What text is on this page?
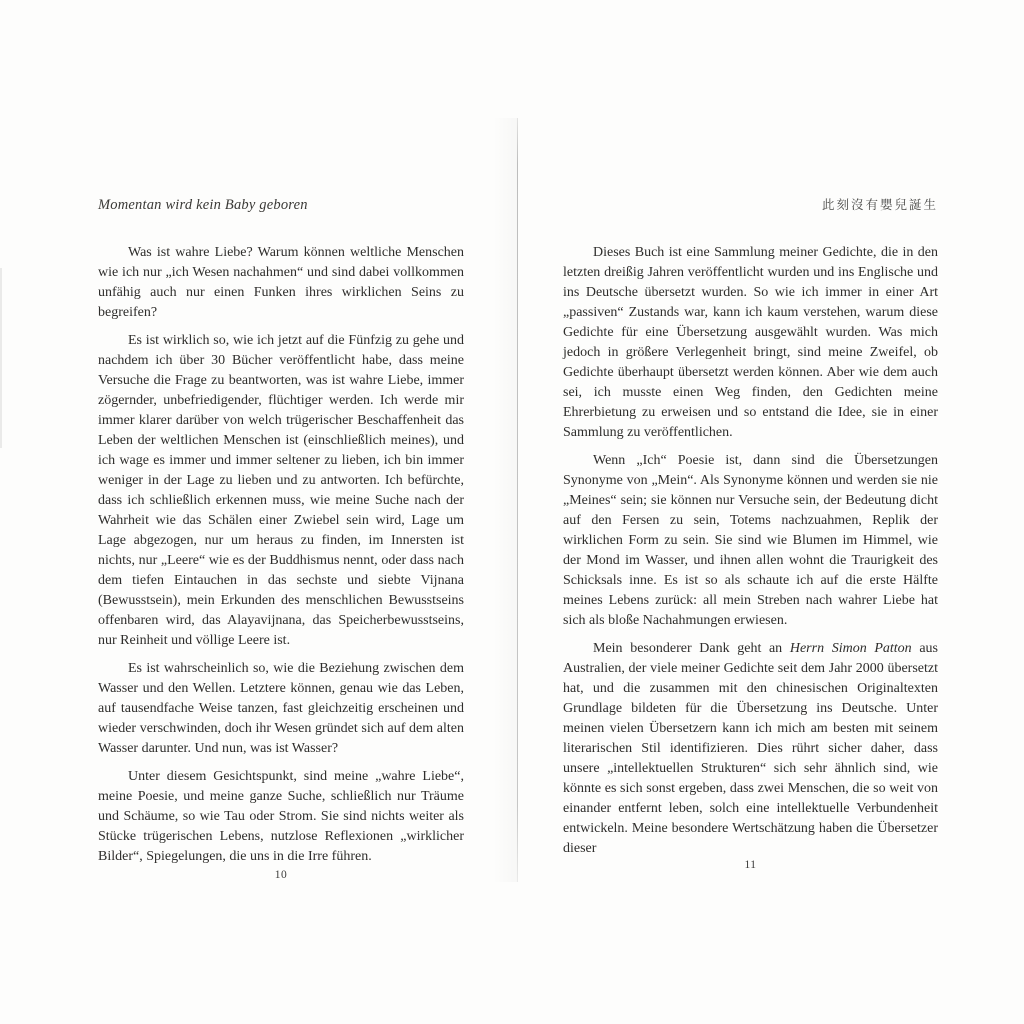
Momentan wird kein Baby geboren

Was ist wahre Liebe? Warum können weltliche Menschen wie ich nur „ich Wesen nachahmen“ und sind dabei vollkommen unfähig auch nur einen Funken ihres wirklichen Seins zu begreifen?

Es ist wirklich so, wie ich jetzt auf die Fünfzig zu gehe und nachdem ich über 30 Bücher veröffentlicht habe, dass meine Versuche die Frage zu beantworten, was ist wahre Liebe, immer zögernder, unbefriedigender, flüchtiger werden. Ich werde mir immer klarer darüber von welch trügerischer Beschaffenheit das Leben der weltlichen Menschen ist (einschließlich meines), und ich wage es immer und immer seltener zu lieben, ich bin immer weniger in der Lage zu lieben und zu antworten. Ich befürchte, dass ich schließlich erkennen muss, wie meine Suche nach der Wahrheit wie das Schälen einer Zwiebel sein wird, Lage um Lage abgezogen, nur um heraus zu finden, im Innersten ist nichts, nur „Leere“ wie es der Buddhismus nennt, oder dass nach dem tiefen Eintauchen in das sechste und siebte Vijnana (Bewusstsein), mein Erkunden des menschlichen Bewusstseins offenbaren wird, das Alayavijnana, das Speicherbewusstseins, nur Reinheit und völlige Leere ist.

Es ist wahrscheinlich so, wie die Beziehung zwischen dem Wasser und den Wellen. Letztere können, genau wie das Leben, auf tausendfache Weise tanzen, fast gleichzeitig erscheinen und wieder verschwinden, doch ihr Wesen gründet sich auf dem alten Wasser darunter. Und nun, was ist Wasser?

Unter diesem Gesichtspunkt, sind meine „wahre Liebe“, meine Poesie, und meine ganze Suche, schließlich nur Träume und Schäume, so wie Tau oder Strom. Sie sind nichts weiter als Stücke trügerischen Lebens, nutzlose Reflexionen „wirklicher Bilder“, Spiegelungen, die uns in die Irre führen.

10
此刻沒有嬰兒誕生

Dieses Buch ist eine Sammlung meiner Gedichte, die in den letzten dreißig Jahren veröffentlicht wurden und ins Englische und ins Deutsche übersetzt wurden. So wie ich immer in einer Art „passiven“ Zustands war, kann ich kaum verstehen, warum diese Gedichte für eine Übersetzung ausgewählt wurden. Was mich jedoch in größere Verlegenheit bringt, sind meine Zweifel, ob Gedichte überhaupt übersetzt werden können. Aber wie dem auch sei, ich musste einen Weg finden, den Gedichten meine Ehrerbietung zu erweisen und so entstand die Idee, sie in einer Sammlung zu veröffentlichen.

Wenn „Ich“ Poesie ist, dann sind die Übersetzungen Synonyme von „Mein“. Als Synonyme können und werden sie nie „Meines“ sein; sie können nur Versuche sein, der Bedeutung dicht auf den Fersen zu sein, Totems nachzuahmen, Replik der wirklichen Form zu sein. Sie sind wie Blumen im Himmel, wie der Mond im Wasser, und ihnen allen wohnt die Traurigkeit des Schicksals inne. Es ist so als schaute ich auf die erste Hälfte meines Lebens zurück: all mein Streben nach wahrer Liebe hat sich als bloße Nachahmungen erwiesen.

Mein besonderer Dank geht an Herrn Simon Patton aus Australien, der viele meiner Gedichte seit dem Jahr 2000 übersetzt hat, und die zusammen mit den chinesischen Originaltexten Grundlage bildeten für die Übersetzung ins Deutsche. Unter meinen vielen Übersetzern kann ich mich am besten mit seinem literarischen Stil identifizieren. Dies rührt sicher daher, dass unsere „intellektuellen Strukturen“ sich sehr ähnlich sind, wie könnte es sich sonst ergeben, dass zwei Menschen, die so weit von einander entfernt leben, solch eine intellektuelle Verbundenheit entwickeln. Meine besondere Wertschätzung haben die Übersetzer dieser

11
